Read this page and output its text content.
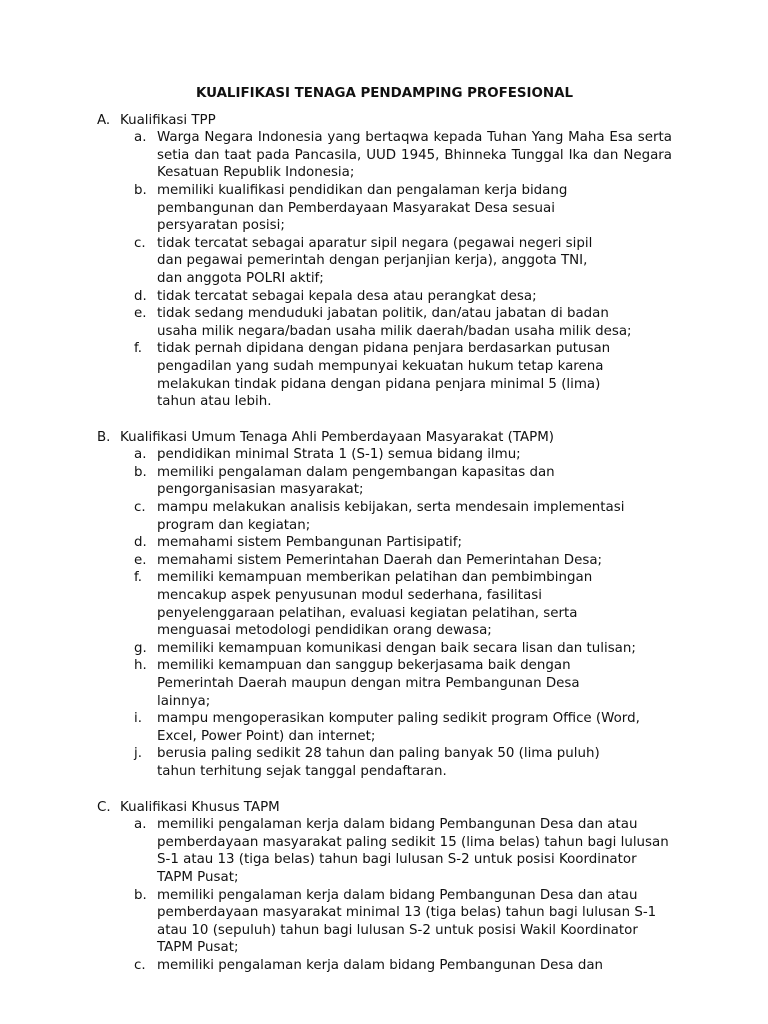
KUALIFIKASI TENAGA PENDAMPING PROFESIONAL
A. Kualifikasi TPP
a. Warga Negara Indonesia yang bertaqwa kepada Tuhan Yang Maha Esa serta setia dan taat pada Pancasila, UUD 1945, Bhinneka Tunggal Ika dan Negara Kesatuan Republik Indonesia;
b. memiliki kualifikasi pendidikan dan pengalaman kerja bidang pembangunan dan Pemberdayaan Masyarakat Desa sesuai persyaratan posisi;
c. tidak tercatat sebagai aparatur sipil negara (pegawai negeri sipil dan pegawai pemerintah dengan perjanjian kerja), anggota TNI, dan anggota POLRI aktif;
d. tidak tercatat sebagai kepala desa atau perangkat desa;
e. tidak sedang menduduki jabatan politik, dan/atau jabatan di badan usaha milik negara/badan usaha milik daerah/badan usaha milik desa;
f.	tidak pernah dipidana dengan pidana penjara berdasarkan putusan pengadilan yang sudah mempunyai kekuatan hukum tetap karena melakukan tindak pidana dengan pidana penjara minimal 5 (lima) tahun atau lebih.
B. Kualifikasi Umum Tenaga Ahli Pemberdayaan Masyarakat (TAPM)
a. pendidikan minimal Strata 1 (S-1) semua bidang ilmu;
b. memiliki pengalaman dalam pengembangan kapasitas dan pengorganisasian masyarakat;
c. mampu melakukan analisis kebijakan, serta mendesain implementasi program dan kegiatan;
d. memahami sistem Pembangunan Partisipatif;
e. memahami sistem Pemerintahan Daerah dan Pemerintahan Desa;
f.	memiliki kemampuan memberikan pelatihan dan pembimbingan mencakup aspek penyusunan modul sederhana, fasilitasi penyelenggaraan pelatihan, evaluasi kegiatan pelatihan, serta menguasai metodologi pendidikan orang dewasa;
g. memiliki kemampuan komunikasi dengan baik secara lisan dan tulisan;
h. memiliki kemampuan dan sanggup bekerjasama baik dengan Pemerintah Daerah maupun dengan mitra Pembangunan Desa lainnya;
i.	mampu mengoperasikan komputer paling sedikit program Office (Word, Excel, Power Point) dan internet;
j.	berusia paling sedikit 28 tahun dan paling banyak 50 (lima puluh) tahun terhitung sejak tanggal pendaftaran.
C. Kualifikasi Khusus TAPM
a. memiliki pengalaman kerja dalam bidang Pembangunan Desa dan atau pemberdayaan masyarakat paling sedikit 15 (lima belas) tahun bagi lulusan S-1 atau 13 (tiga belas) tahun bagi lulusan S-2 untuk posisi Koordinator TAPM Pusat;
b. memiliki pengalaman kerja dalam bidang Pembangunan Desa dan atau pemberdayaan masyarakat minimal 13 (tiga belas) tahun bagi lulusan S-1 atau 10 (sepuluh) tahun bagi lulusan S-2 untuk posisi Wakil Koordinator TAPM Pusat;
c. memiliki pengalaman kerja dalam bidang Pembangunan Desa dan
